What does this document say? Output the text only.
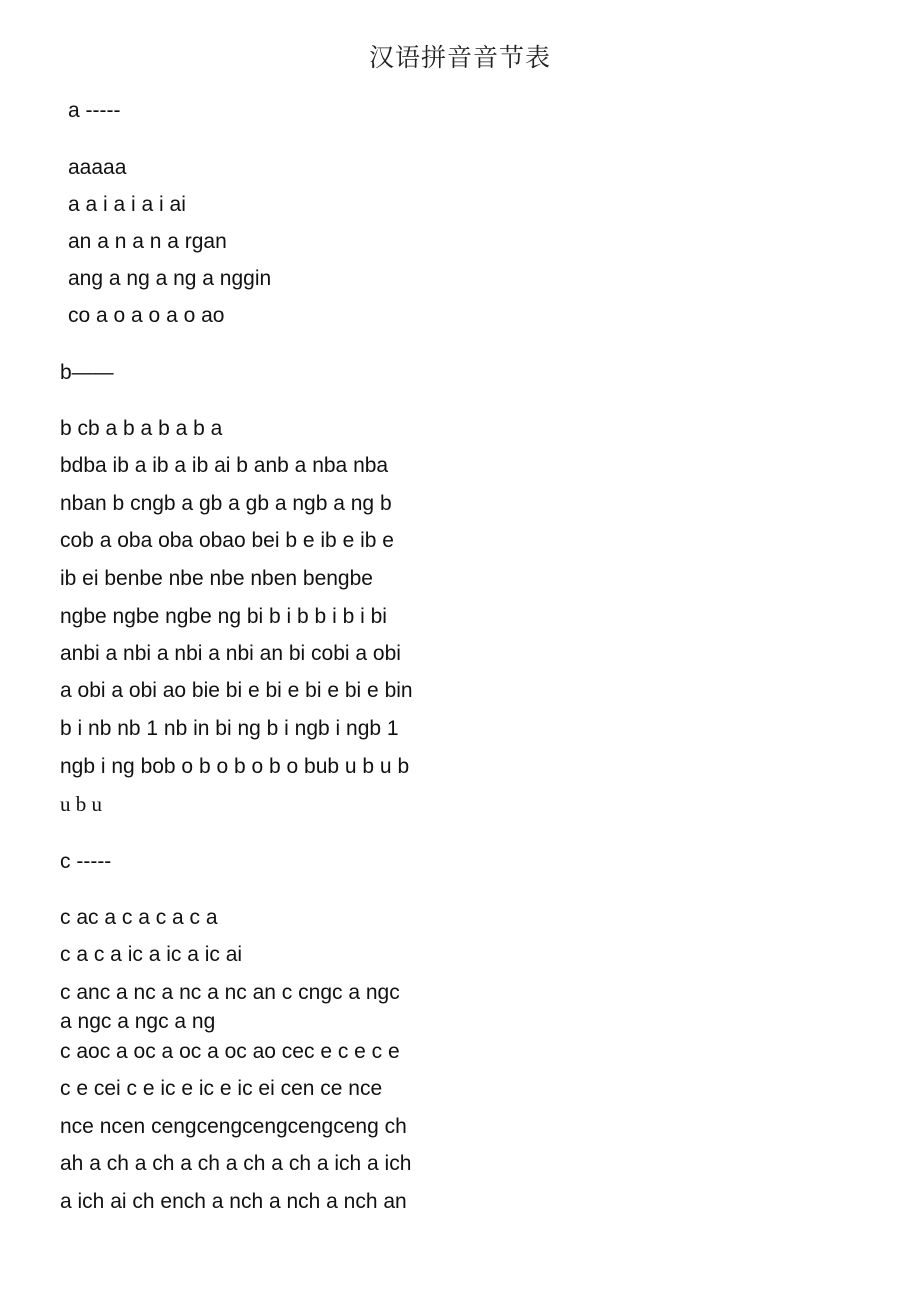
汉语拼音音节表
a -----
aaaaa
a a i a i a i ai
an a n a n a rgan
ang a ng a ng a nggin
co a o a o a o ao
b——
b cb a b a b a b a
bdba ib a ib a ib ai b anb a nba nba
nban b cngb a gb a gb a ngb a ng b
cob a oba oba obao bei b e ib e ib e
ib ei benbe nbe nbe nben bengbe
ngbe ngbe ngbe ng bi b i b b i b i bi
anbi a nbi a nbi a nbi an bi cobi a obi
a obi a obi ao bie bi e bi e bi e bi e bin
b i nb nb 1 nb in bi ng b i ngb i ngb 1
ngb i ng bob o b o b o b o bub u b u b
u b u
c -----
c ac a c a c a c a
c a c a ic a ic a ic ai
c anc a nc a nc a nc an c cngc a ngc
a ngc a ngc a ng
c aoc a oc a oc a oc ao cec e c e c e
c e cei c e ic e ic e ic ei cen ce nce
nce ncen cengcengcengcengceng ch
ah a ch a ch a ch a ch a ch a ich a ich
a ich ai ch ench a nch a nch a nch an
